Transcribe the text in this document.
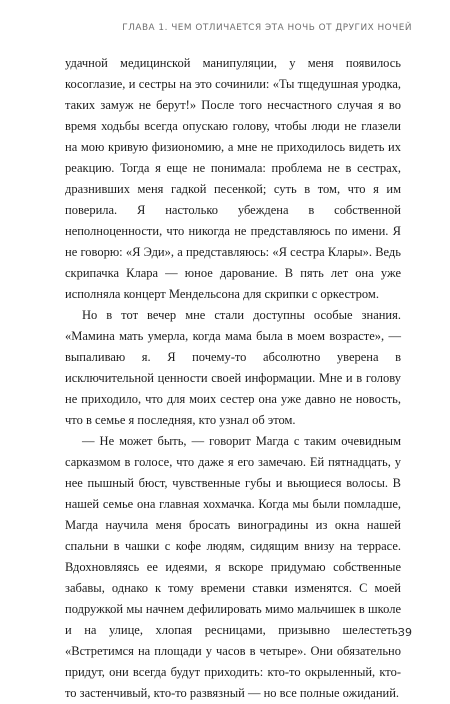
ГЛАВА 1. ЧЕМ ОТЛИЧАЕТСЯ ЭТА НОЧЬ ОТ ДРУГИХ НОЧЕЙ

удачной медицинской манипуляции, у меня появилось косоглазие, и сестры на это сочинили: «Ты тщедушная уродка, таких замуж не берут!» После того несчастного случая я во время ходьбы всегда опускаю голову, чтобы люди не глазели на мою кривую физиономию, а мне не приходилось видеть их реакцию. Тогда я еще не понимала: проблема не в сестрах, дразнивших меня гадкой песенкой; суть в том, что я им поверила. Я настолько убеждена в собственной неполноценности, что никогда не представляюсь по имени. Я не говорю: «Я Эди», а представляюсь: «Я сестра Клары». Ведь скрипачка Клара — юное дарование. В пять лет она уже исполняла концерт Мендельсона для скрипки с оркестром.

Но в тот вечер мне стали доступны особые знания. «Мамина мать умерла, когда мама была в моем возрасте», — выпаливаю я. Я почему-то абсолютно уверена в исключительной ценности своей информации. Мне и в голову не приходило, что для моих сестер она уже давно не новость, что в семье я последняя, кто узнал об этом.

— Не может быть, — говорит Магда с таким очевидным сарказмом в голосе, что даже я его замечаю. Ей пятнадцать, у нее пышный бюст, чувственные губы и вьющиеся волосы. В нашей семье она главная хохмачка. Когда мы были помладше, Магда научила меня бросать виноградины из окна нашей спальни в чашки с кофе людям, сидящим внизу на террасе. Вдохновляясь ее идеями, я вскоре придумаю собственные забавы, однако к тому времени ставки изменятся. С моей подружкой мы начнем дефилировать мимо мальчишек в школе и на улице, хлопая ресницами, призывно шелестеть: «Встретимся на площади у часов в четыре». Они обязательно придут, они всегда будут приходить: кто-то окрыленный, кто-то застенчивый, кто-то развязный — но все полные ожиданий.

39
